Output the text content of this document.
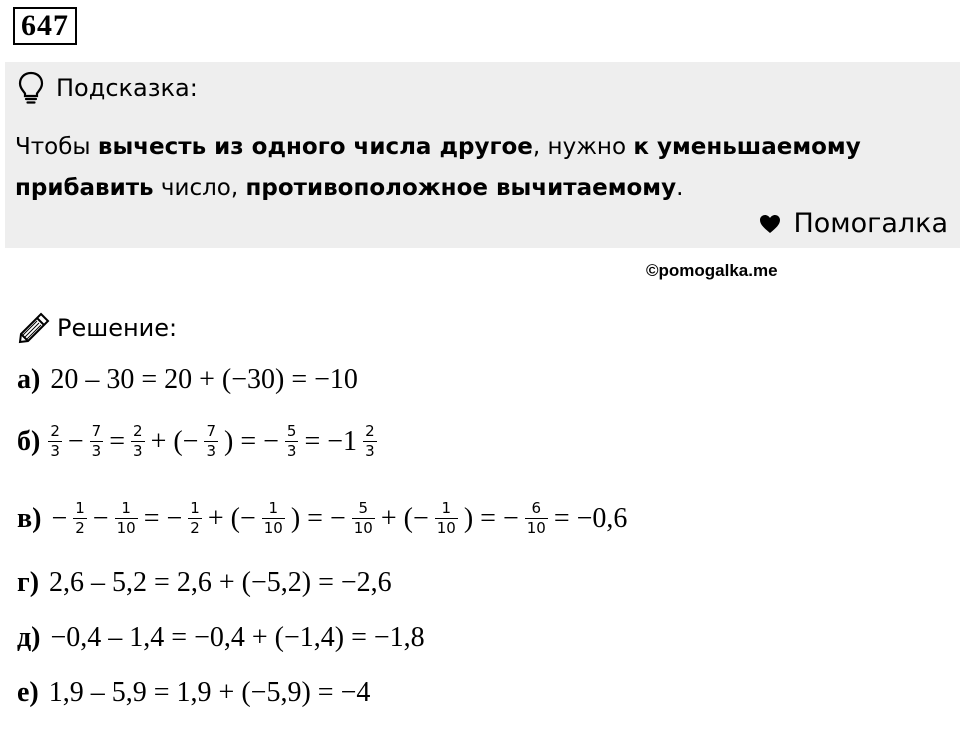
647
Подсказка:
Чтобы вычесть из одного числа другое, нужно к уменьшаемому прибавить число, противоположное вычитаемому.
Помогалка
©pomogalka.me
Решение:
а) 20 – 30 = 20 + (−30) = −10
$б) \frac{2}{3} - \frac{7}{3} = \frac{2}{3}$ + (− $\frac{7}{3}$ ) = − $\frac{5}{3} = -1 \frac{2}{3}$
$в) - \frac{1}{2} - \frac{1}{10}$ = − $\frac{1}{2}$ + (− $\frac{1}{10}$ ) = − $\frac{5}{10}$ + (− $\frac{1}{10}$ ) = − $\frac{6}{10} = -0,6$
г) 2,6 – 5,2 = 2,6 + (−5,2) = −2,6
д) −0,4 – 1,4 = −0,4 + (−1,4) = −1,8
е) 1,9 – 5,9 = 1,9 + (−5,9) = −4
